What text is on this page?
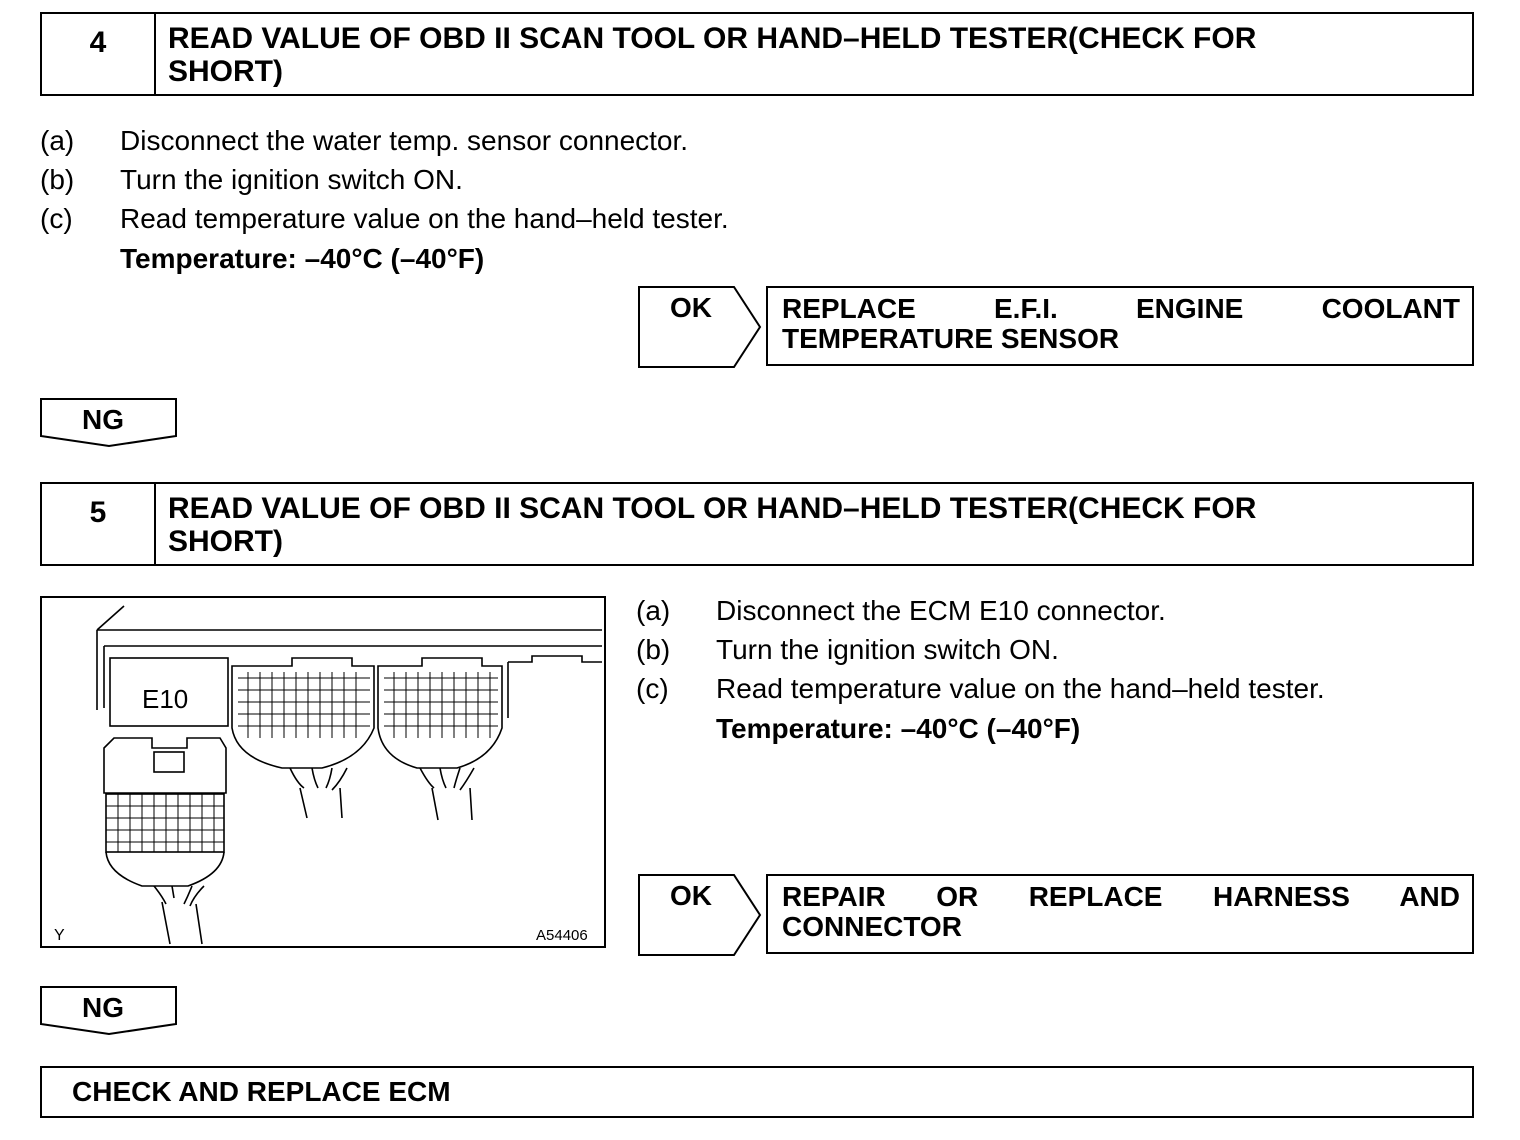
4	READ VALUE OF OBD II SCAN TOOL OR HAND–HELD TESTER(CHECK FOR
SHORT)
(a) Disconnect the water temp. sensor connector.
(b) Turn the ignition switch ON.
(c) Read temperature value on the hand–held tester.
Temperature: –40°C (–40°F)
OK	REPLACE E.F.I. ENGINE COOLANT
TEMPERATURE SENSOR
NG
5	READ VALUE OF OBD II SCAN TOOL OR HAND–HELD TESTER(CHECK FOR
SHORT)
E10
Y	A54406
(a) Disconnect the ECM E10 connector.
(b) Turn the ignition switch ON.
(c) Read temperature value on the hand–held tester.
Temperature: –40°C (–40°F)
OK	REPAIR OR REPLACE HARNESS AND
CONNECTOR
NG
CHECK AND REPLACE ECM
